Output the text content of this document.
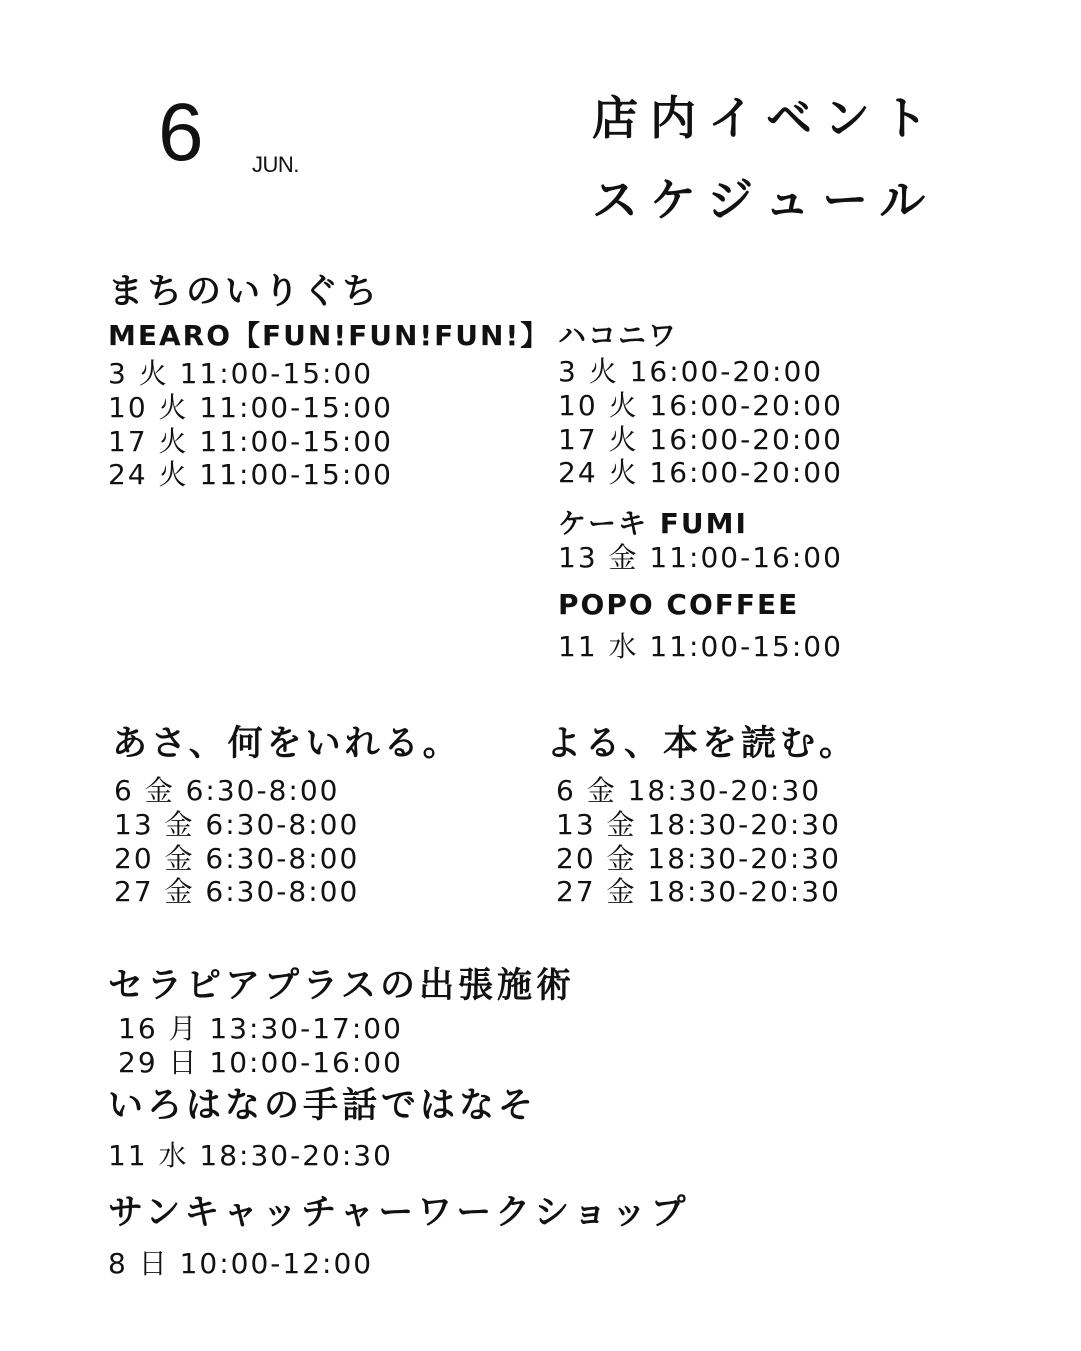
6 JUN.
店内イベント
スケジュール
まちのいりぐち
MEARO【FUN!FUN!FUN!】
3 火 11:00-15:00
10 火 11:00-15:00
17 火 11:00-15:00
24 火 11:00-15:00
ハコニワ
3 火 16:00-20:00
10 火 16:00-20:00
17 火 16:00-20:00
24 火 16:00-20:00
ケーキ FUMI
13 金 11:00-16:00
POPO COFFEE
11 水 11:00-15:00
あさ、何をいれる。
6 金 6:30-8:00
13 金 6:30-8:00
20 金 6:30-8:00
27 金 6:30-8:00
よる、本を読む。
6 金 18:30-20:30
13 金 18:30-20:30
20 金 18:30-20:30
27 金 18:30-20:30
セラピアプラスの出張施術
16 月 13:30-17:00
29 日 10:00-16:00
いろはなの手話ではなそ
11 水 18:30-20:30
サンキャッチャーワークショップ
8 日 10:00-12:00
